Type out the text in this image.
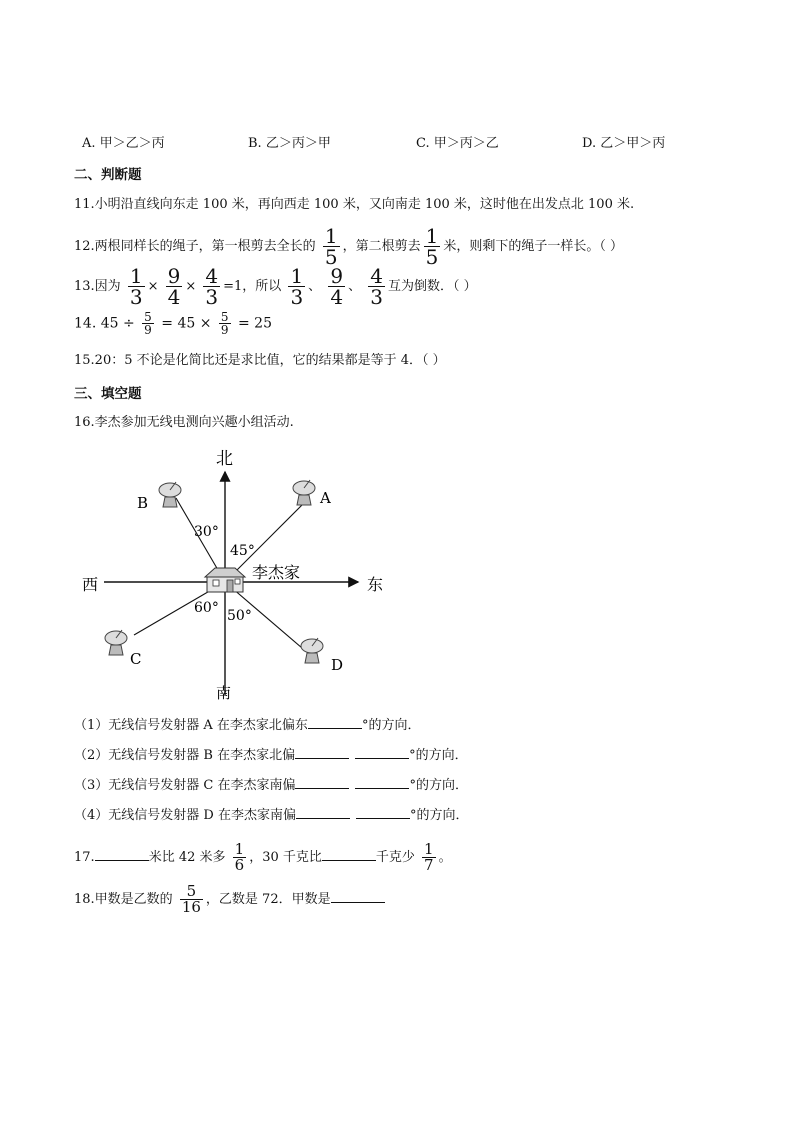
A. 甲＞乙＞丙	B. 乙＞丙＞甲	C. 甲＞丙＞乙	D. 乙＞甲＞丙
二、判断题
11.小明沿直线向东走 100 米，再向西走 100 米，又向南走 100 米，这时他在出发点北 100 米.
12.两根同样长的绳子，第一根剪去全长的 $\frac{1}{5}$ ，第二根剪去 $\frac{1}{5}$ 米，则剩下的绳子一样长。（ ）
13.因为 $\frac{1}{3} \times \frac{9}{4} \times \frac{4}{3} =1$，所以 $\frac{1}{3}$ 、 $\frac{9}{4}$ 、 $\frac{4}{3}$ 互为倒数．（ ）
14. $45 \div \frac{5}{9} = 45 \times \frac{5}{9} = 25$
15.20：5 不论是化简比还是求比值，它的结果都是等于 4．（ ）
三、填空题
16.李杰参加无线电测向兴趣小组活动.
北
南
东
西
李杰家
30°
45°
60° 50°
A
B
C	D
（1）无线信号发射器 A 在李杰家北偏东	°的方向．
（2）无线信号发射器 B 在李杰家北偏	°的方向．
（3）无线信号发射器 C 在李杰家南偏	°的方向．
（4）无线信号发射器 D 在李杰家南偏	°的方向．
17.	米比 42 米多 $\frac{1}{6}$ ，30 千克比	千克少 $\frac{1}{7}$ 。
18.甲数是乙数的 $\frac{5}{16}$ ，乙数是 72．甲数是
